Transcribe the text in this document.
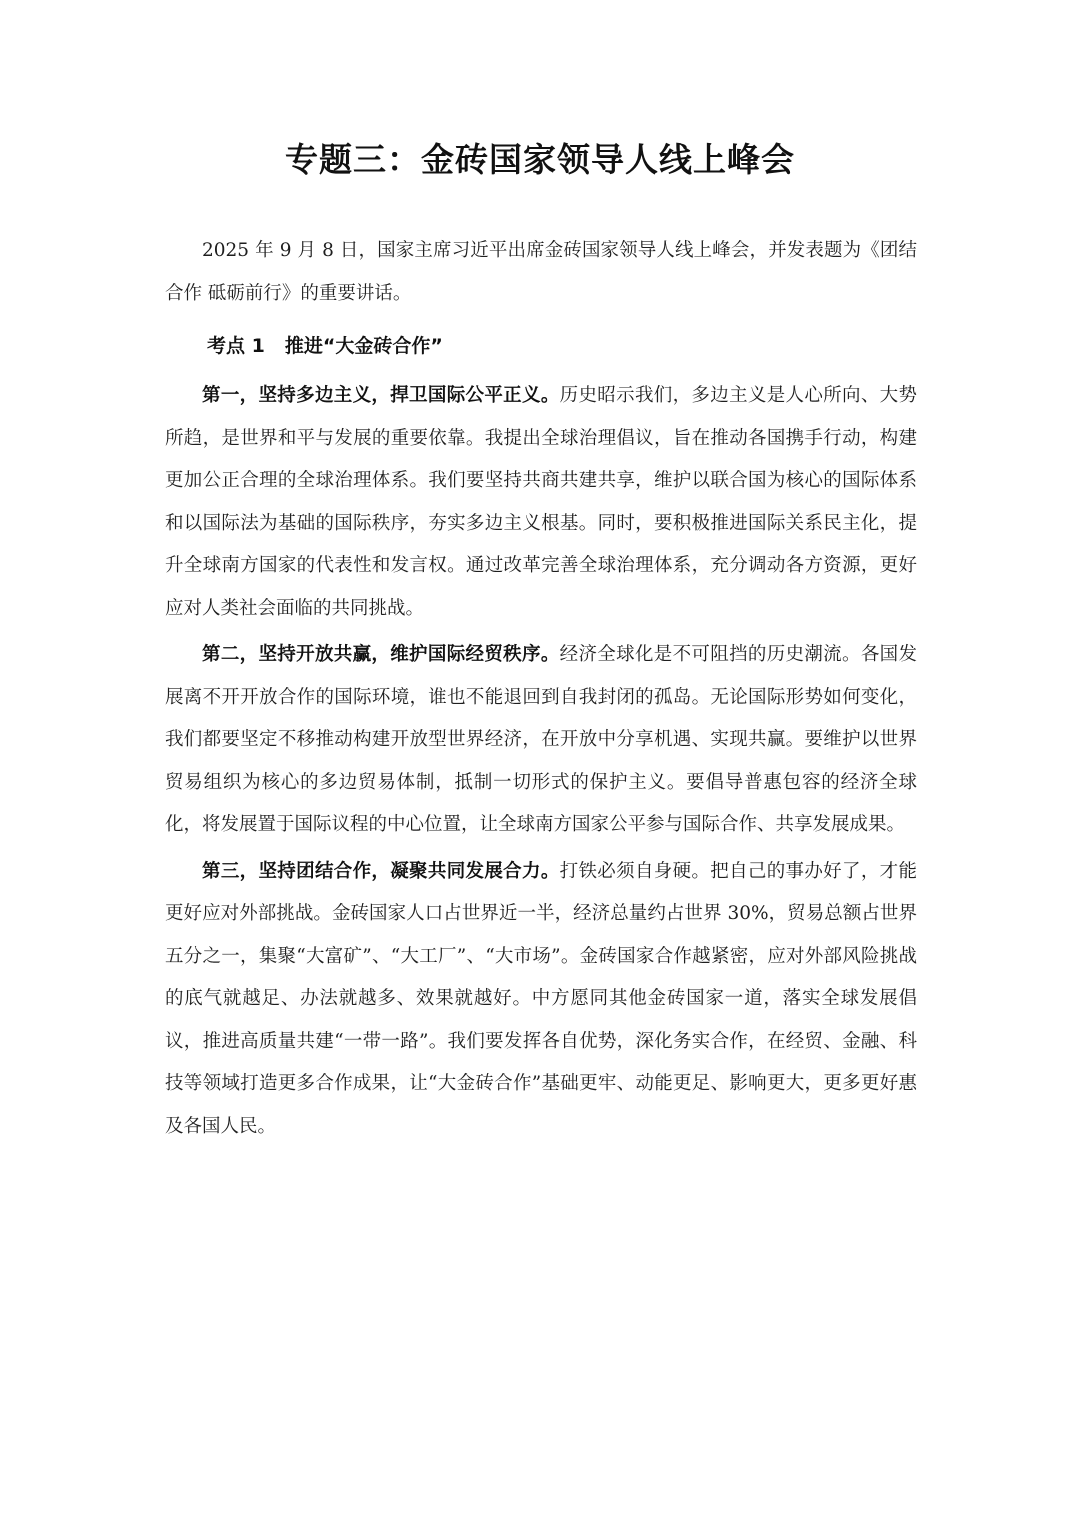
专题三：金砖国家领导人线上峰会

2025 年 9 月 8 日，国家主席习近平出席金砖国家领导人线上峰会，并发表题为《团结合作 砥砺前行》的重要讲话。

考点 1 推进“大金砖合作”

第一，坚持多边主义，捍卫国际公平正义。历史昭示我们，多边主义是人心所向、大势所趋，是世界和平与发展的重要依靠。我提出全球治理倡议，旨在推动各国携手行动，构建更加公正合理的全球治理体系。我们要坚持共商共建共享，维护以联合国为核心的国际体系和以国际法为基础的国际秩序，夯实多边主义根基。同时，要积极推进国际关系民主化，提升全球南方国家的代表性和发言权。通过改革完善全球治理体系，充分调动各方资源，更好应对人类社会面临的共同挑战。

第二，坚持开放共赢，维护国际经贸秩序。经济全球化是不可阻挡的历史潮流。各国发展离不开开放合作的国际环境，谁也不能退回到自我封闭的孤岛。无论国际形势如何变化，我们都要坚定不移推动构建开放型世界经济，在开放中分享机遇、实现共赢。要维护以世界贸易组织为核心的多边贸易体制，抵制一切形式的保护主义。要倡导普惠包容的经济全球化，将发展置于国际议程的中心位置，让全球南方国家公平参与国际合作、共享发展成果。

第三，坚持团结合作，凝聚共同发展合力。打铁必须自身硬。把自己的事办好了，才能更好应对外部挑战。金砖国家人口占世界近一半，经济总量约占世界 30%，贸易总额占世界五分之一，集聚“大富矿”、“大工厂”、“大市场”。金砖国家合作越紧密，应对外部风险挑战的底气就越足、办法就越多、效果就越好。中方愿同其他金砖国家一道，落实全球发展倡议，推进高质量共建“一带一路”。我们要发挥各自优势，深化务实合作，在经贸、金融、科技等领域打造更多合作成果，让“大金砖合作”基础更牢、动能更足、影响更大，更多更好惠及各国人民。
